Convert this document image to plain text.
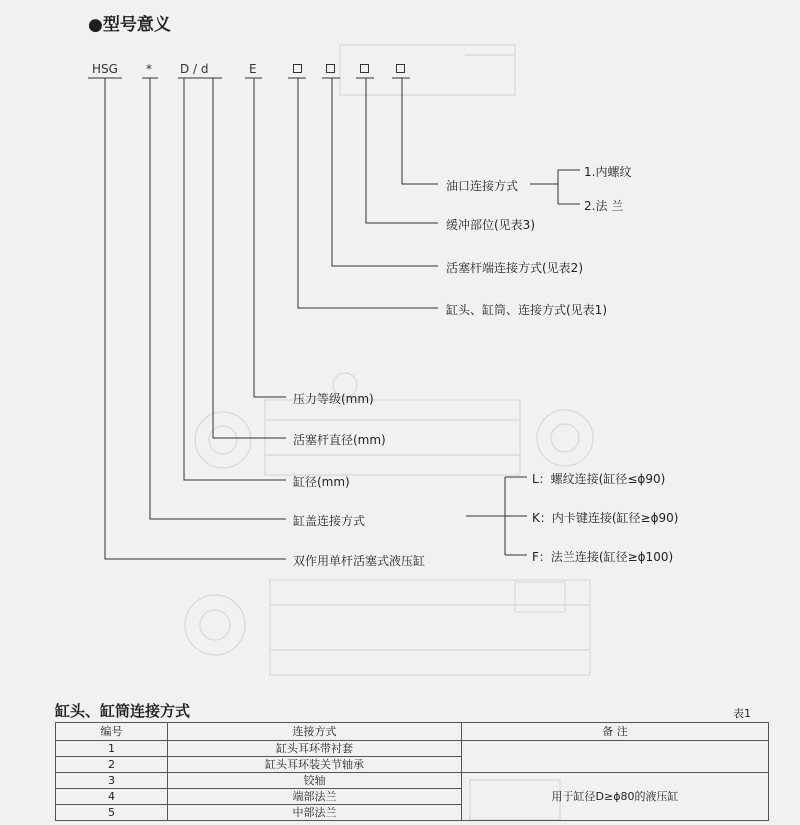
●型号意义
HSG * D / d	E
油口连接方式
缓冲部位(见表3)
活塞杆端连接方式(见表2)
缸头、缸筒、连接方式(见表1)
压力等级(mm)
活塞杆直径(mm)
缸径(mm)
缸盖连接方式
双作用单杆活塞式液压缸
1.内螺纹
2.法 兰
L：螺纹连接(缸径≤ϕ90)
K：内卡键连接(缸径≥ϕ90)
F：法兰连接(缸径≥ϕ100)
缸头、缸筒连接方式	表1
编号	连接方式	备 注
1	缸头耳环带衬套	
2	缸头耳环装关节轴承	
3	铰轴	用于缸径D≥ϕ80的液压缸
4	端部法兰	
5	中部法兰	
